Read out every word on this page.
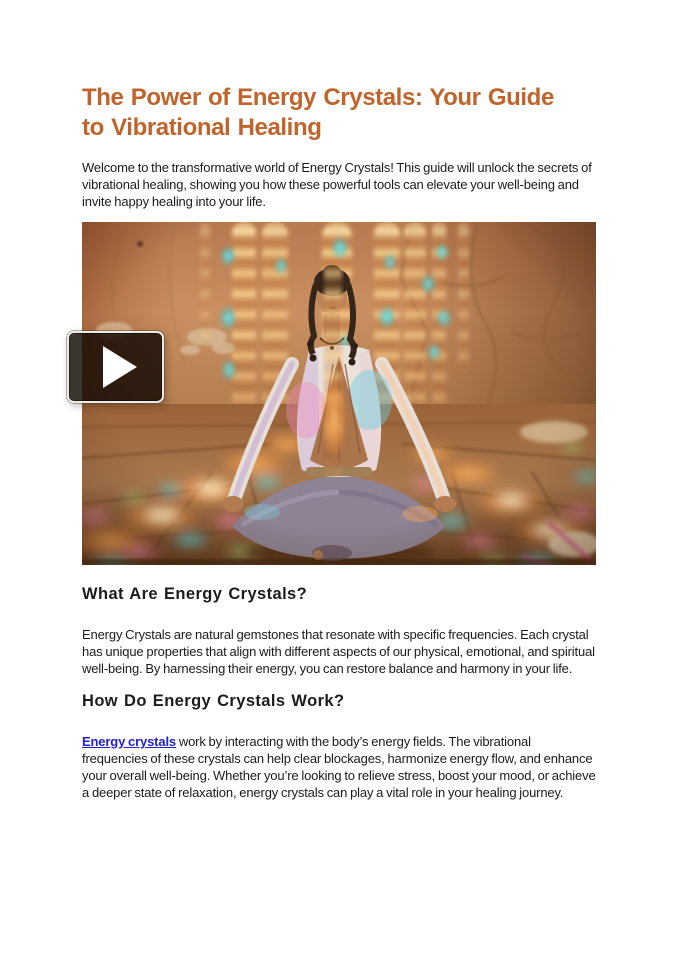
The Power of Energy Crystals: Your Guide
to Vibrational Healing

Welcome to the transformative world of Energy Crystals! This guide will unlock the secrets of vibrational healing, showing you how these powerful tools can elevate your well-being and invite happy healing into your life.

What Are Energy Crystals?

Energy Crystals are natural gemstones that resonate with specific frequencies. Each crystal has unique properties that align with different aspects of our physical, emotional, and spiritual well-being. By harnessing their energy, you can restore balance and harmony in your life.

How Do Energy Crystals Work?

Energy crystals work by interacting with the body’s energy fields. The vibrational frequencies of these crystals can help clear blockages, harmonize energy flow, and enhance your overall well-being. Whether you’re looking to relieve stress, boost your mood, or achieve a deeper state of relaxation, energy crystals can play a vital role in your healing journey.
